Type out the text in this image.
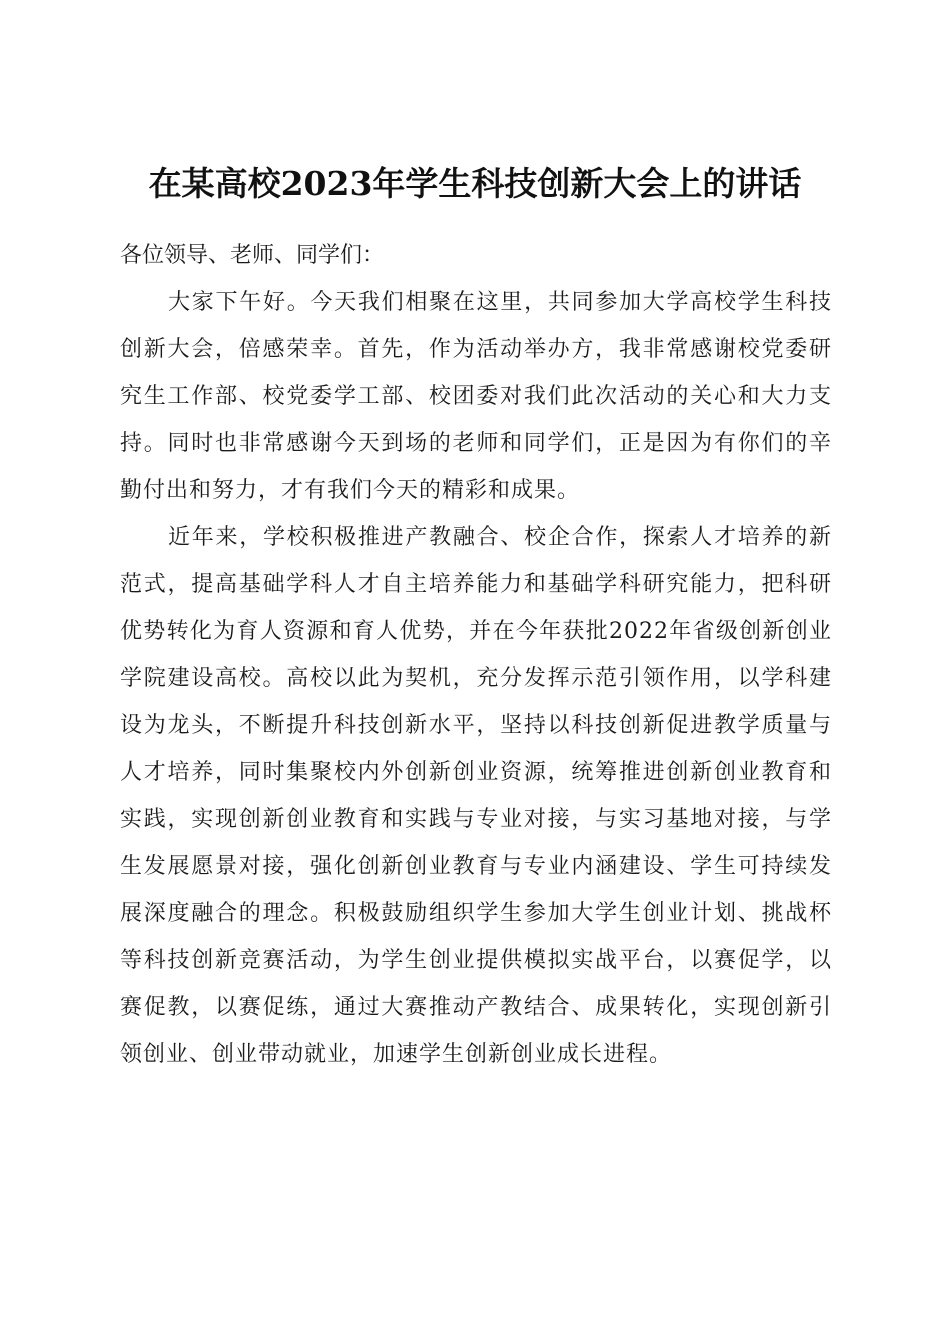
在某高校2023年学生科技创新大会上的讲话

各位领导、老师、同学们：

大家下午好。今天我们相聚在这里，共同参加大学高校学生科技创新大会，倍感荣幸。首先，作为活动举办方，我非常感谢校党委研究生工作部、校党委学工部、校团委对我们此次活动的关心和大力支持。同时也非常感谢今天到场的老师和同学们，正是因为有你们的辛勤付出和努力，才有我们今天的精彩和成果。

近年来，学校积极推进产教融合、校企合作，探索人才培养的新范式，提高基础学科人才自主培养能力和基础学科研究能力，把科研优势转化为育人资源和育人优势，并在今年获批2022年省级创新创业学院建设高校。高校以此为契机，充分发挥示范引领作用，以学科建设为龙头，不断提升科技创新水平，坚持以科技创新促进教学质量与人才培养，同时集聚校内外创新创业资源，统筹推进创新创业教育和实践，实现创新创业教育和实践与专业对接，与实习基地对接，与学生发展愿景对接，强化创新创业教育与专业内涵建设、学生可持续发展深度融合的理念。积极鼓励组织学生参加大学生创业计划、挑战杯等科技创新竞赛活动，为学生创业提供模拟实战平台，以赛促学，以赛促教，以赛促练，通过大赛推动产教结合、成果转化，实现创新引领创业、创业带动就业，加速学生创新创业成长进程。
